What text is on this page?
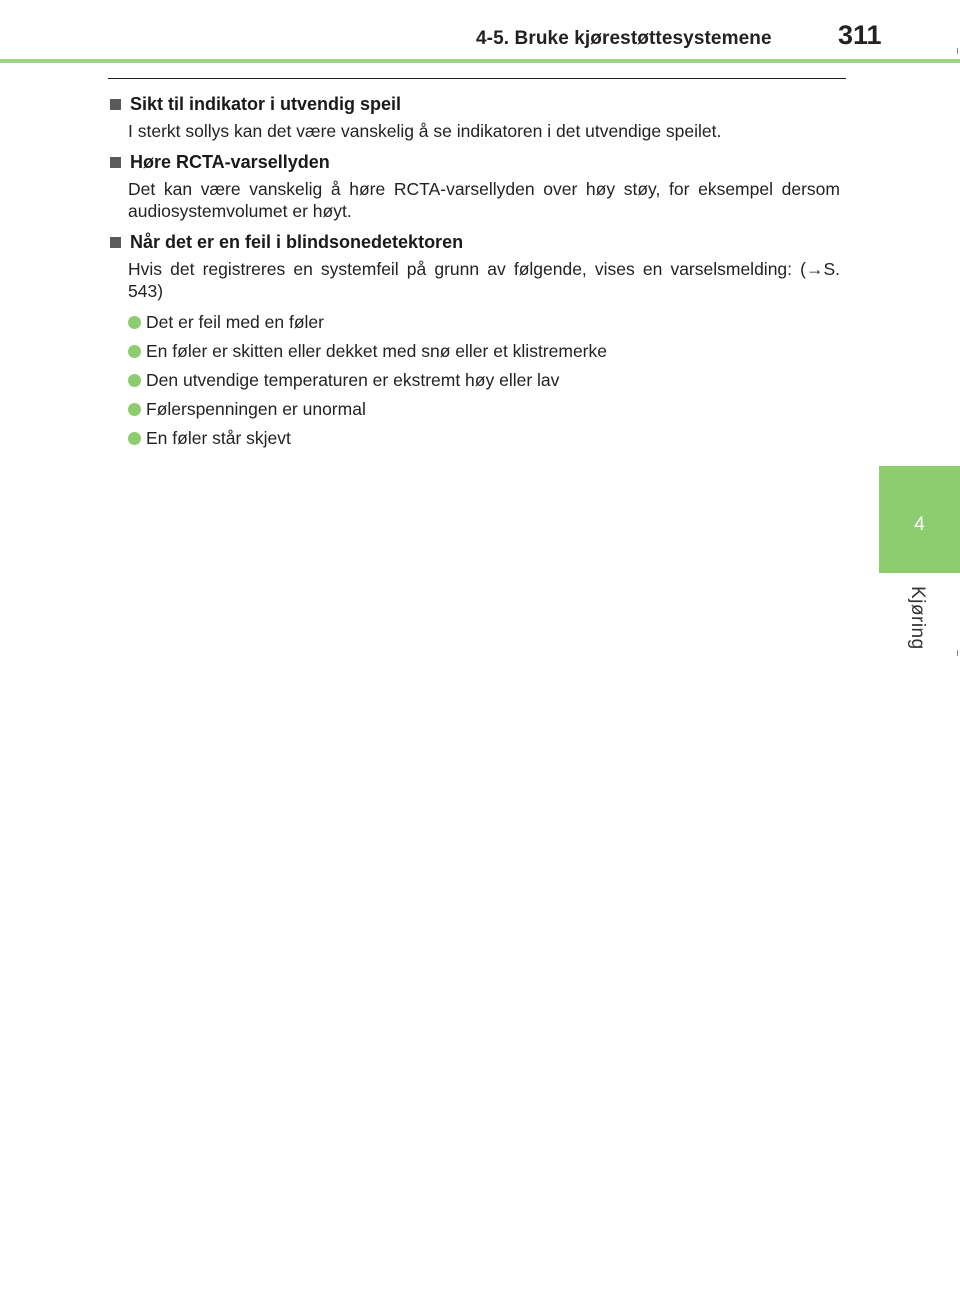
4-5. Bruke kjørestøttesystemene 311
4
Kjøring
Sikt til indikator i utvendig speil

I sterkt sollys kan det være vanskelig å se indikatoren i det utvendige speilet.

Høre RCTA-varsellyden

Det kan være vanskelig å høre RCTA-varsellyden over høy støy, for eksempel dersom audiosystemvolumet er høyt.

Når det er en feil i blindsonedetektoren

Hvis det registreres en systemfeil på grunn av følgende, vises en varselsmelding: (→S. 543)

Det er feil med en føler
En føler er skitten eller dekket med snø eller et klistremerke
Den utvendige temperaturen er ekstremt høy eller lav
Følerspenningen er unormal
En føler står skjevt
